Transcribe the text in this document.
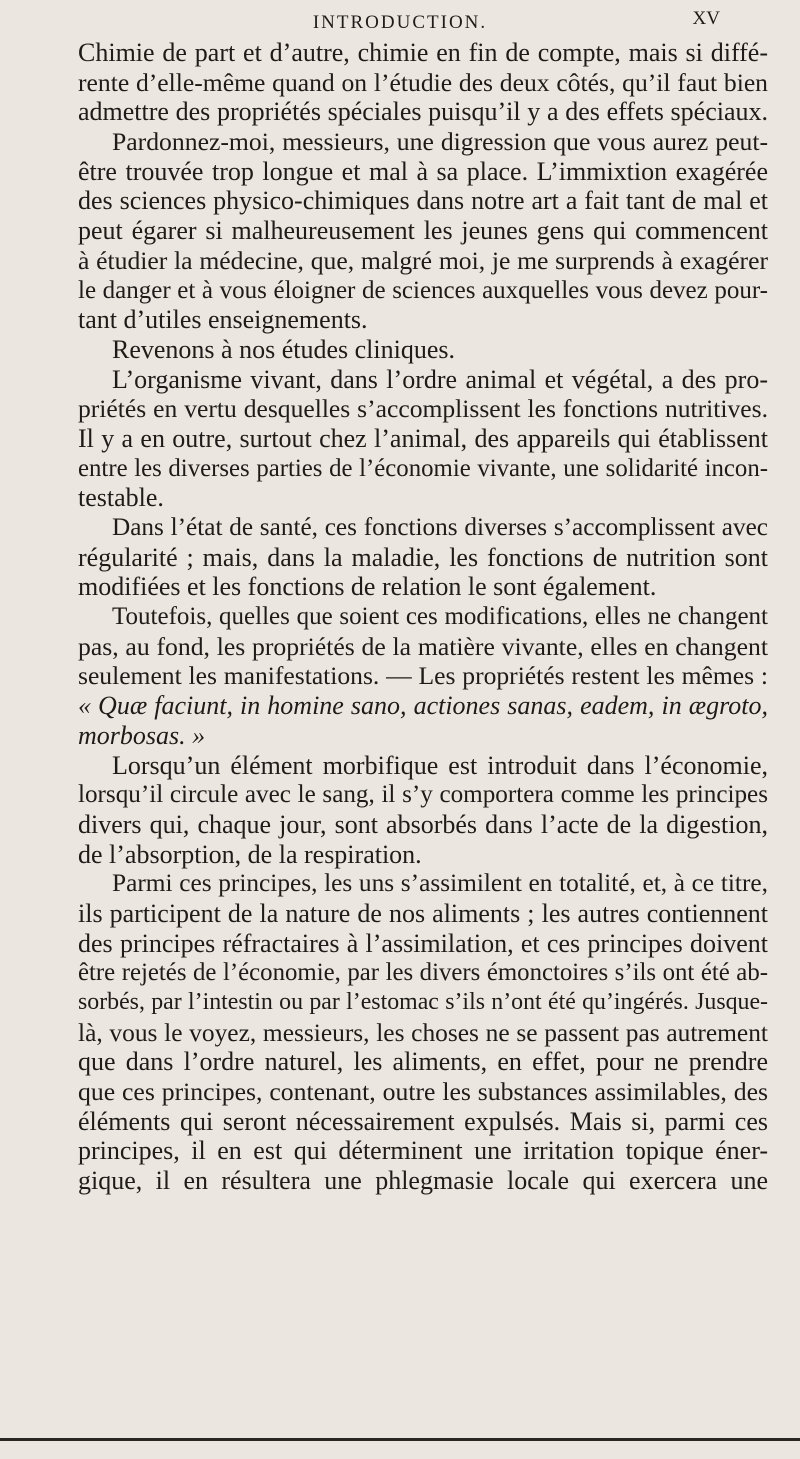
INTRODUCTION.	XV
Chimie de part et d’autre, chimie en fin de compte, mais si diffé-
rente d’elle-même quand on l’étudie des deux côtés, qu’il faut bien
admettre des propriétés spéciales puisqu’il y a des effets spéciaux.
Pardonnez-moi, messieurs, une digression que vous aurez peut-
être trouvée trop longue et mal à sa place. L’immixtion exagérée
des sciences physico-chimiques dans notre art a fait tant de mal et
peut égarer si malheureusement les jeunes gens qui commencent
à étudier la médecine, que, malgré moi, je me surprends à exagérer
le danger et à vous éloigner de sciences auxquelles vous devez pour-
tant d’utiles enseignements.
Revenons à nos études cliniques.
L’organisme vivant, dans l’ordre animal et végétal, a des pro-
priétés en vertu desquelles s’accomplissent les fonctions nutritives.
Il y a en outre, surtout chez l’animal, des appareils qui établissent
entre les diverses parties de l’économie vivante, une solidarité incon-
testable.
Dans l’état de santé, ces fonctions diverses s’accomplissent avec
régularité ; mais, dans la maladie, les fonctions de nutrition sont
modifiées et les fonctions de relation le sont également.
Toutefois, quelles que soient ces modifications, elles ne changent
pas, au fond, les propriétés de la matière vivante, elles en changent
seulement les manifestations. — Les propriétés restent les mêmes :
« Quæ faciunt, in homine sano, actiones sanas, eadem, in ægroto,
morbosas. »
Lorsqu’un élément morbifique est introduit dans l’économie,
lorsqu’il circule avec le sang, il s’y comportera comme les principes
divers qui, chaque jour, sont absorbés dans l’acte de la digestion,
de l’absorption, de la respiration.
Parmi ces principes, les uns s’assimilent en totalité, et, à ce titre,
ils participent de la nature de nos aliments ; les autres contiennent
des principes réfractaires à l’assimilation, et ces principes doivent
être rejetés de l’économie, par les divers émonctoires s’ils ont été ab-
sorbés, par l’intestin ou par l’estomac s’ils n’ont été qu’ingérés. Jusque-
là, vous le voyez, messieurs, les choses ne se passent pas autrement
que dans l’ordre naturel, les aliments, en effet, pour ne prendre
que ces principes, contenant, outre les substances assimilables, des
éléments qui seront nécessairement expulsés. Mais si, parmi ces
principes, il en est qui déterminent une irritation topique éner-
gique, il en résultera une phlegmasie locale qui exercera une
